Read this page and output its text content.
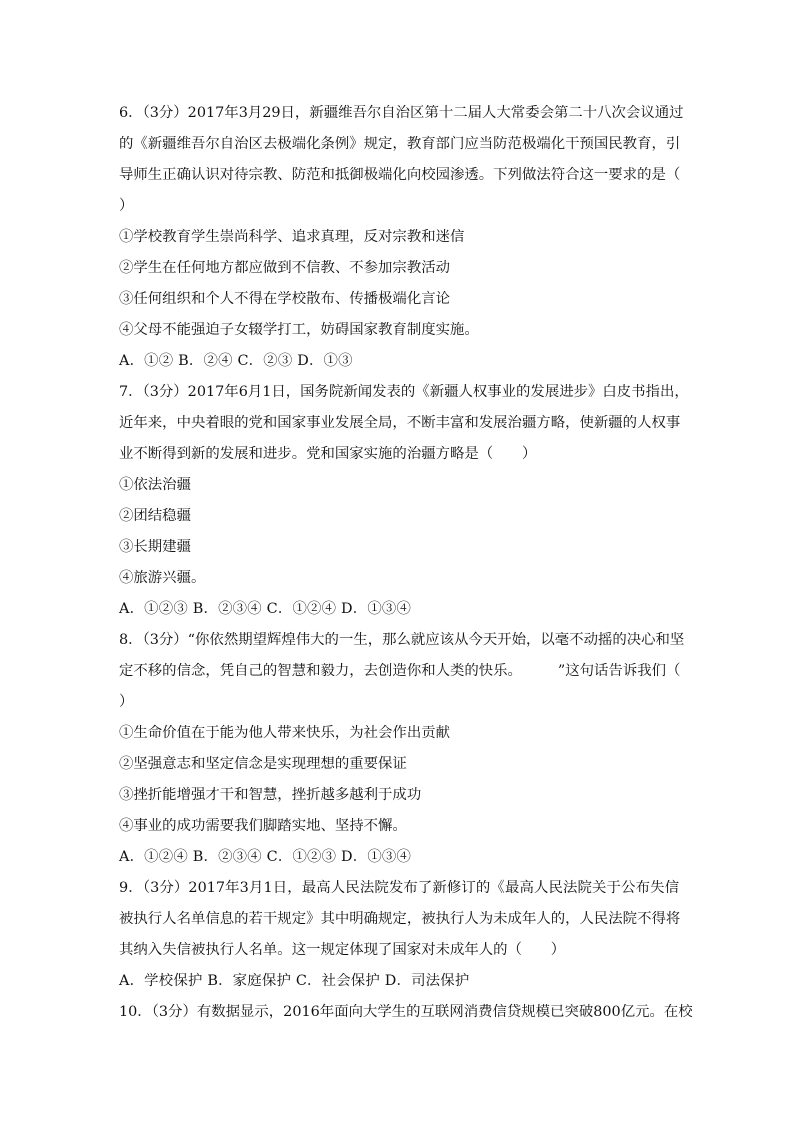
6．（3分）2017年3月29日，新疆维吾尔自治区第十二届人大常委会第二十八次会议通过
的《新疆维吾尔自治区去极端化条例》规定，教育部门应当防范极端化干预国民教育，引
导师生正确认识对待宗教、防范和抵御极端化向校园渗透。下列做法符合这一要求的是（
）
①学校教育学生崇尚科学、追求真理，反对宗教和迷信
②学生在任何地方都应做到不信教、不参加宗教活动
③任何组织和个人不得在学校散布、传播极端化言论
④父母不能强迫子女辍学打工，妨碍国家教育制度实施。
A．①② B．②④ C．②③ D．①③
7．（3分）2017年6月1日，国务院新闻发表的《新疆人权事业的发展进步》白皮书指出，
近年来，中央着眼的党和国家事业发展全局，不断丰富和发展治疆方略，使新疆的人权事
业不断得到新的发展和进步。党和国家实施的治疆方略是（　　）
①依法治疆
②团结稳疆
③长期建疆
④旅游兴疆。
A．①②③ B．②③④ C．①②④ D．①③④
8．（3分）“你依然期望辉煌伟大的一生，那么就应该从今天开始，以毫不动摇的决心和坚
定不移的信念，凭自己的智慧和毅力，去创造你和人类的快乐。　　　”这句话告诉我们（
）
①生命价值在于能为他人带来快乐，为社会作出贡献
②坚强意志和坚定信念是实现理想的重要保证
③挫折能增强才干和智慧，挫折越多越利于成功
④事业的成功需要我们脚踏实地、坚持不懈。
A．①②④ B．②③④ C．①②③ D．①③④
9．（3分）2017年3月1日，最高人民法院发布了新修订的《最高人民法院关于公布失信
被执行人名单信息的若干规定》其中明确规定，被执行人为未成年人的，人民法院不得将
其纳入失信被执行人名单。这一规定体现了国家对未成年人的（　　）
A．学校保护 B．家庭保护 C．社会保护 D．司法保护
10．（3分）有数据显示，2016年面向大学生的互联网消费信贷规模已突破800亿元。在校
